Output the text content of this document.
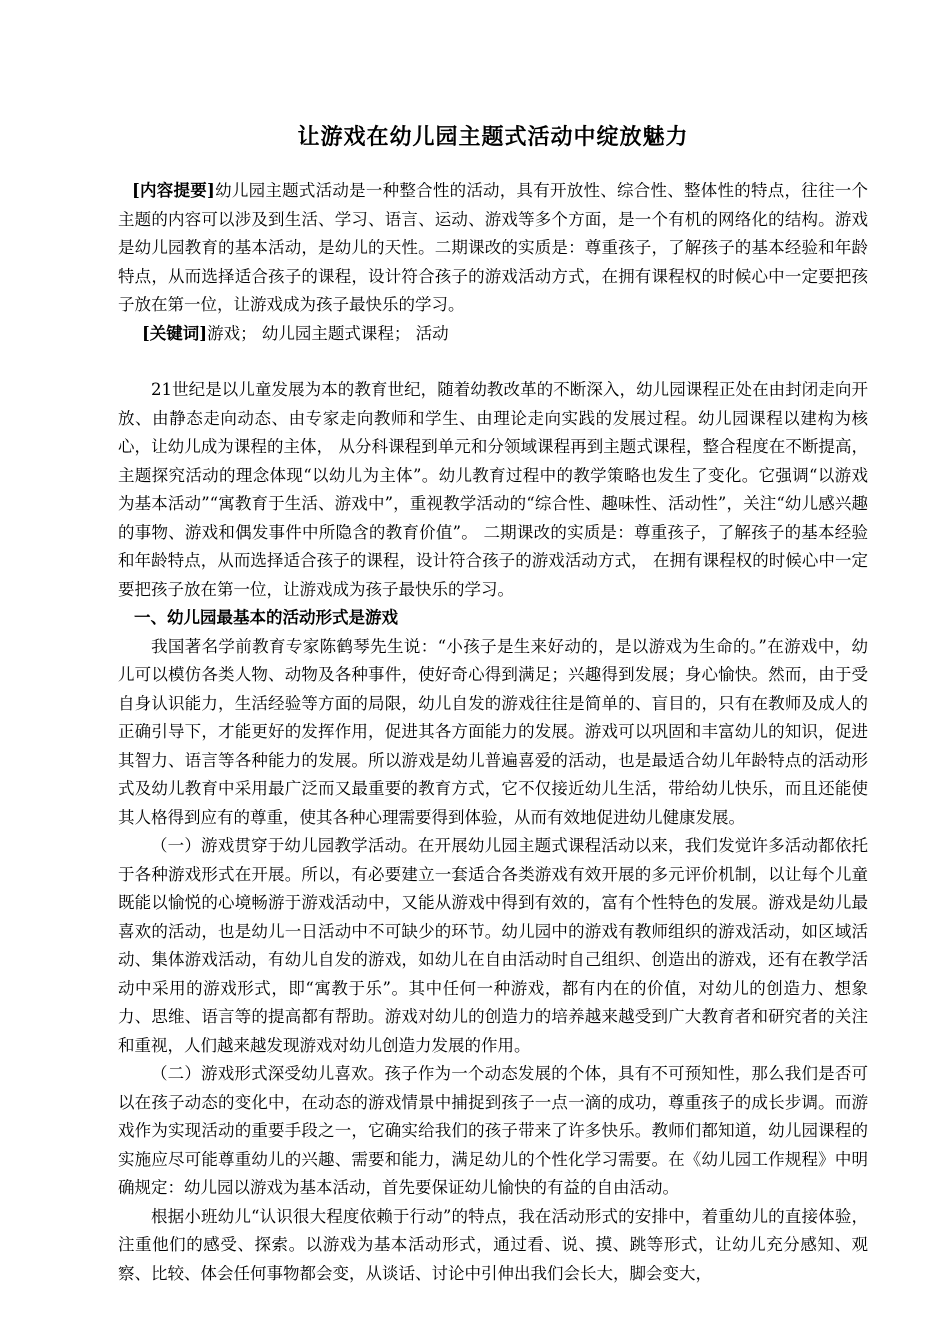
让游戏在幼儿园主题式活动中绽放魅力

[内容提要]幼儿园主题式活动是一种整合性的活动，具有开放性、综合性、整体性的特点，往往一个主题的内容可以涉及到生活、学习、语言、运动、游戏等多个方面，是一个有机的网络化的结构。游戏是幼儿园教育的基本活动，是幼儿的天性。二期课改的实质是：尊重孩子，了解孩子的基本经验和年龄特点，从而选择适合孩子的课程，设计符合孩子的游戏活动方式，在拥有课程权的时候心中一定要把孩子放在第一位，让游戏成为孩子最快乐的学习。

[关键词]游戏； 幼儿园主题式课程； 活动

21世纪是以儿童发展为本的教育世纪，随着幼教改革的不断深入，幼儿园课程正处在由封闭走向开放、由静态走向动态、由专家走向教师和学生、由理论走向实践的发展过程。幼儿园课程以建构为核心，让幼儿成为课程的主体， 从分科课程到单元和分领域课程再到主题式课程，整合程度在不断提高，主题探究活动的理念体现“以幼儿为主体”。幼儿教育过程中的教学策略也发生了变化。它强调“以游戏为基本活动”“寓教育于生活、游戏中”，重视教学活动的“综合性、趣味性、活动性”，关注“幼儿感兴趣的事物、游戏和偶发事件中所隐含的教育价值”。 二期课改的实质是：尊重孩子，了解孩子的基本经验和年龄特点，从而选择适合孩子的课程，设计符合孩子的游戏活动方式， 在拥有课程权的时候心中一定要把孩子放在第一位，让游戏成为孩子最快乐的学习。

一、幼儿园最基本的活动形式是游戏

我国著名学前教育专家陈鹤琴先生说：“小孩子是生来好动的，是以游戏为生命的。”在游戏中，幼儿可以模仿各类人物、动物及各种事件，使好奇心得到满足；兴趣得到发展；身心愉快。然而，由于受自身认识能力，生活经验等方面的局限，幼儿自发的游戏往往是简单的、盲目的，只有在教师及成人的正确引导下，才能更好的发挥作用，促进其各方面能力的发展。游戏可以巩固和丰富幼儿的知识，促进其智力、语言等各种能力的发展。所以游戏是幼儿普遍喜爱的活动，也是最适合幼儿年龄特点的活动形式及幼儿教育中采用最广泛而又最重要的教育方式，它不仅接近幼儿生活，带给幼儿快乐，而且还能使其人格得到应有的尊重，使其各种心理需要得到体验，从而有效地促进幼儿健康发展。

（一）游戏贯穿于幼儿园教学活动。在开展幼儿园主题式课程活动以来，我们发觉许多活动都依托于各种游戏形式在开展。所以，有必要建立一套适合各类游戏有效开展的多元评价机制，以让每个儿童既能以愉悦的心境畅游于游戏活动中，又能从游戏中得到有效的，富有个性特色的发展。游戏是幼儿最喜欢的活动，也是幼儿一日活动中不可缺少的环节。幼儿园中的游戏有教师组织的游戏活动，如区域活动、集体游戏活动，有幼儿自发的游戏，如幼儿在自由活动时自己组织、创造出的游戏，还有在教学活动中采用的游戏形式，即“寓教于乐”。其中任何一种游戏，都有内在的价值，对幼儿的创造力、想象力、思维、语言等的提高都有帮助。游戏对幼儿的创造力的培养越来越受到广大教育者和研究者的关注和重视，人们越来越发现游戏对幼儿创造力发展的作用。

（二）游戏形式深受幼儿喜欢。孩子作为一个动态发展的个体，具有不可预知性，那么我们是否可以在孩子动态的变化中，在动态的游戏情景中捕捉到孩子一点一滴的成功，尊重孩子的成长步调。而游戏作为实现活动的重要手段之一，它确实给我们的孩子带来了许多快乐。教师们都知道，幼儿园课程的实施应尽可能尊重幼儿的兴趣、需要和能力，满足幼儿的个性化学习需要。在《幼儿园工作规程》中明确规定：幼儿园以游戏为基本活动，首先要保证幼儿愉快的有益的自由活动。

根据小班幼儿“认识很大程度依赖于行动”的特点，我在活动形式的安排中，着重幼儿的直接体验，注重他们的感受、探索。以游戏为基本活动形式，通过看、说、摸、跳等形式，让幼儿充分感知、观察、比较、体会任何事物都会变，从谈话、讨论中引伸出我们会长大，脚会变大，
